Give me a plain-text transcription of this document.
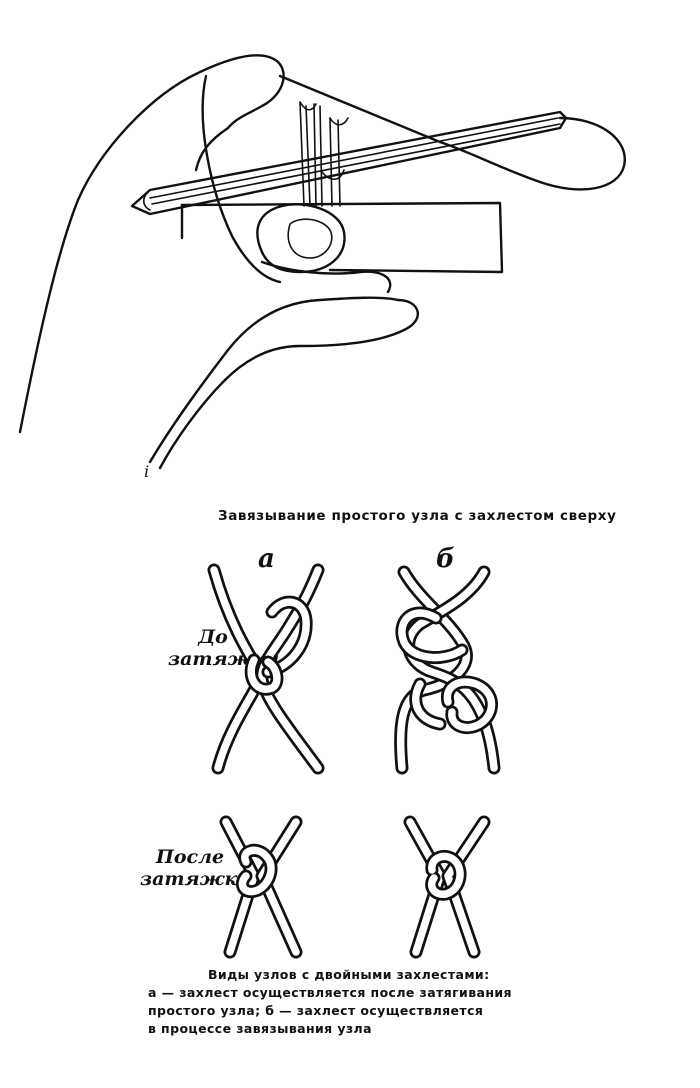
i
Завязывание простого узла с захлестом сверху
а	б
До
затяжки
После
затяжки
Виды узлов с двойными захлестами:
а — захлест осуществляется после затягивания
простого узла; б — захлест осуществляется
в процессе завязывания узла
